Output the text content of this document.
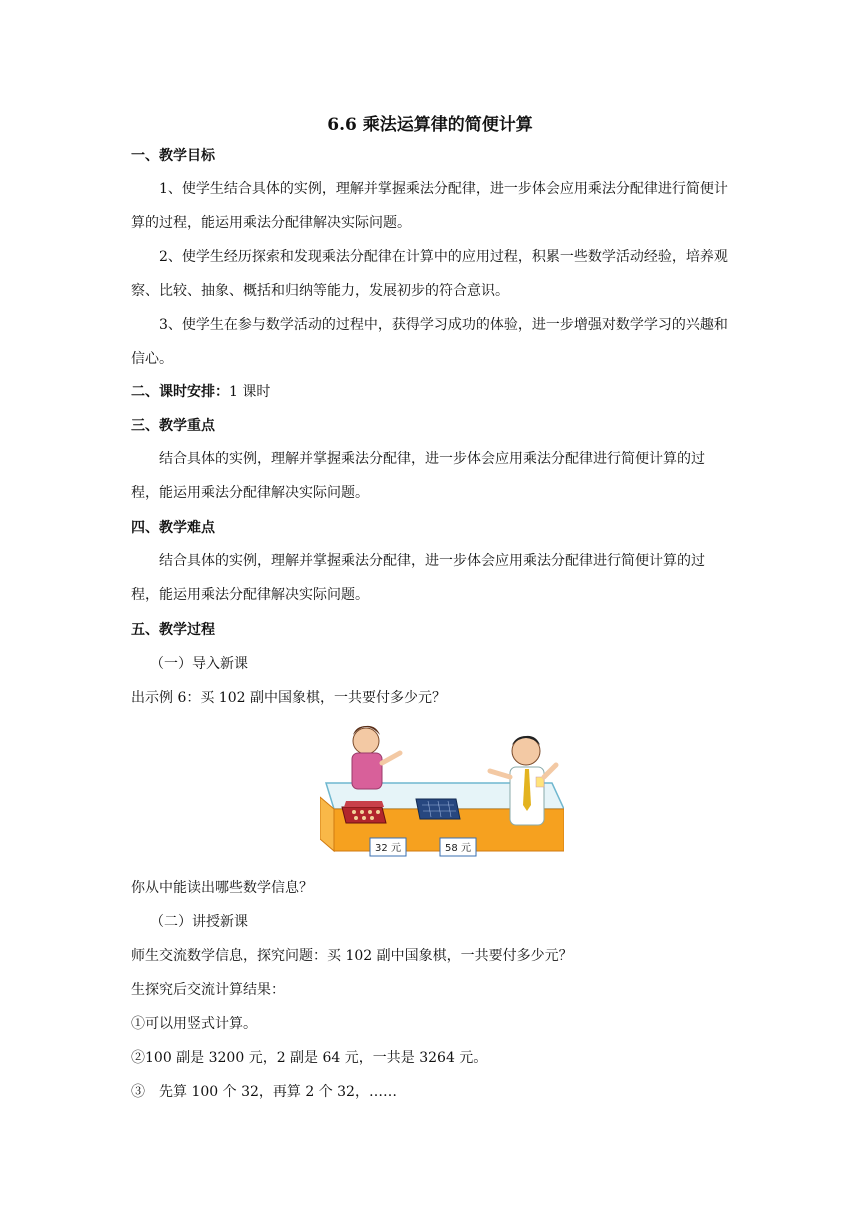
6.6 乘法运算律的简便计算
一、教学目标
1、使学生结合具体的实例，理解并掌握乘法分配律，进一步体会应用乘法分配律进行简便计算的过程，能运用乘法分配律解决实际问题。
2、使学生经历探索和发现乘法分配律在计算中的应用过程，积累一些数学活动经验，培养观察、比较、抽象、概括和归纳等能力，发展初步的符合意识。
3、使学生在参与数学活动的过程中，获得学习成功的体验，进一步增强对数学学习的兴趣和信心。
二、课时安排：1 课时
三、教学重点
结合具体的实例，理解并掌握乘法分配律，进一步体会应用乘法分配律进行简便计算的过程，能运用乘法分配律解决实际问题。
四、教学难点
结合具体的实例，理解并掌握乘法分配律，进一步体会应用乘法分配律进行简便计算的过程，能运用乘法分配律解决实际问题。
五、教学过程
（一）导入新课
出示例 6：买 102 副中国象棋，一共要付多少元？
32 元	58 元
你从中能读出哪些数学信息？
（二）讲授新课
师生交流数学信息，探究问题：买 102 副中国象棋，一共要付多少元？
生探究后交流计算结果：
①可以用竖式计算。
②100 副是 3200 元，2 副是 64 元，一共是 3264 元。
③　先算 100 个 32，再算 2 个 32，……
